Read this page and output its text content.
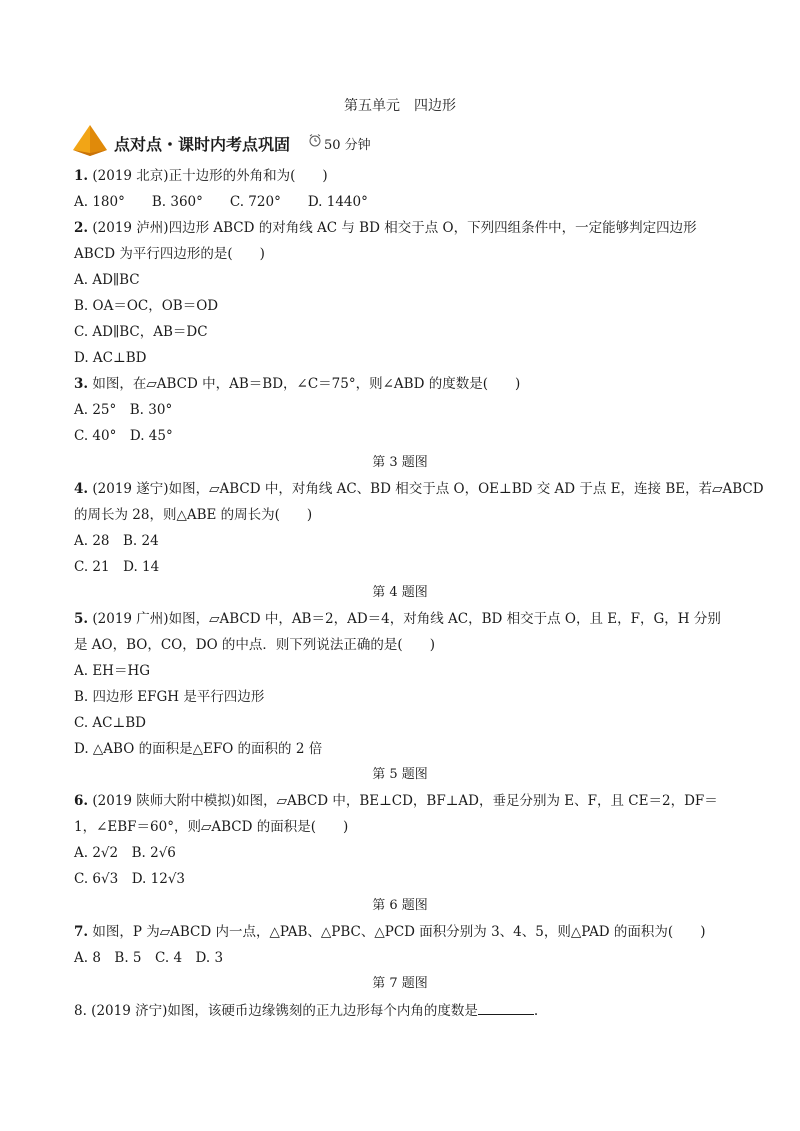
第五单元　四边形
点对点・课时内考点巩固	50 分钟
1. (2019 北京)正十边形的外角和为(　　)
A. 180°　　B. 360°　　C. 720°　　D. 1440°
2. (2019 泸州)四边形 ABCD 的对角线 AC 与 BD 相交于点 O，下列四组条件中，一定能够判定四边形
ABCD 为平行四边形的是(　　)
A. AD∥BC
B. OA＝OC，OB＝OD
C. AD∥BC，AB＝DC
D. AC⊥BD
3. 如图，在▱ABCD 中，AB＝BD，∠C＝75°，则∠ABD 的度数是(　　)
A. 25°　B. 30°
C. 40°　D. 45°
第 3 题图
4. (2019 遂宁)如图，▱ABCD 中，对角线 AC、BD 相交于点 O，OE⊥BD 交 AD 于点 E，连接 BE，若▱ABCD
的周长为 28，则△ABE 的周长为(　　)
A. 28　B. 24
C. 21　D. 14
第 4 题图
5. (2019 广州)如图，▱ABCD 中，AB＝2，AD＝4，对角线 AC，BD 相交于点 O，且 E，F，G，H 分别
是 AO，BO，CO，DO 的中点．则下列说法正确的是(　　)
A. EH＝HG
B. 四边形 EFGH 是平行四边形
C. AC⊥BD
D. △ABO 的面积是△EFO 的面积的 2 倍
第 5 题图
6. (2019 陕师大附中模拟)如图，▱ABCD 中，BE⊥CD，BF⊥AD，垂足分别为 E、F，且 CE＝2，DF＝
1，∠EBF＝60°，则▱ABCD 的面积是(　　)
A. 2√2　B. 2√6
C. 6√3　D. 12√3
第 6 题图
7. 如图，P 为▱ABCD 内一点，△PAB、△PBC、△PCD 面积分别为 3、4、5，则△PAD 的面积为(　　)
A. 8　B. 5　C. 4　D. 3
第 7 题图
8. (2019 济宁)如图，该硬币边缘镌刻的正九边形每个内角的度数是	.
